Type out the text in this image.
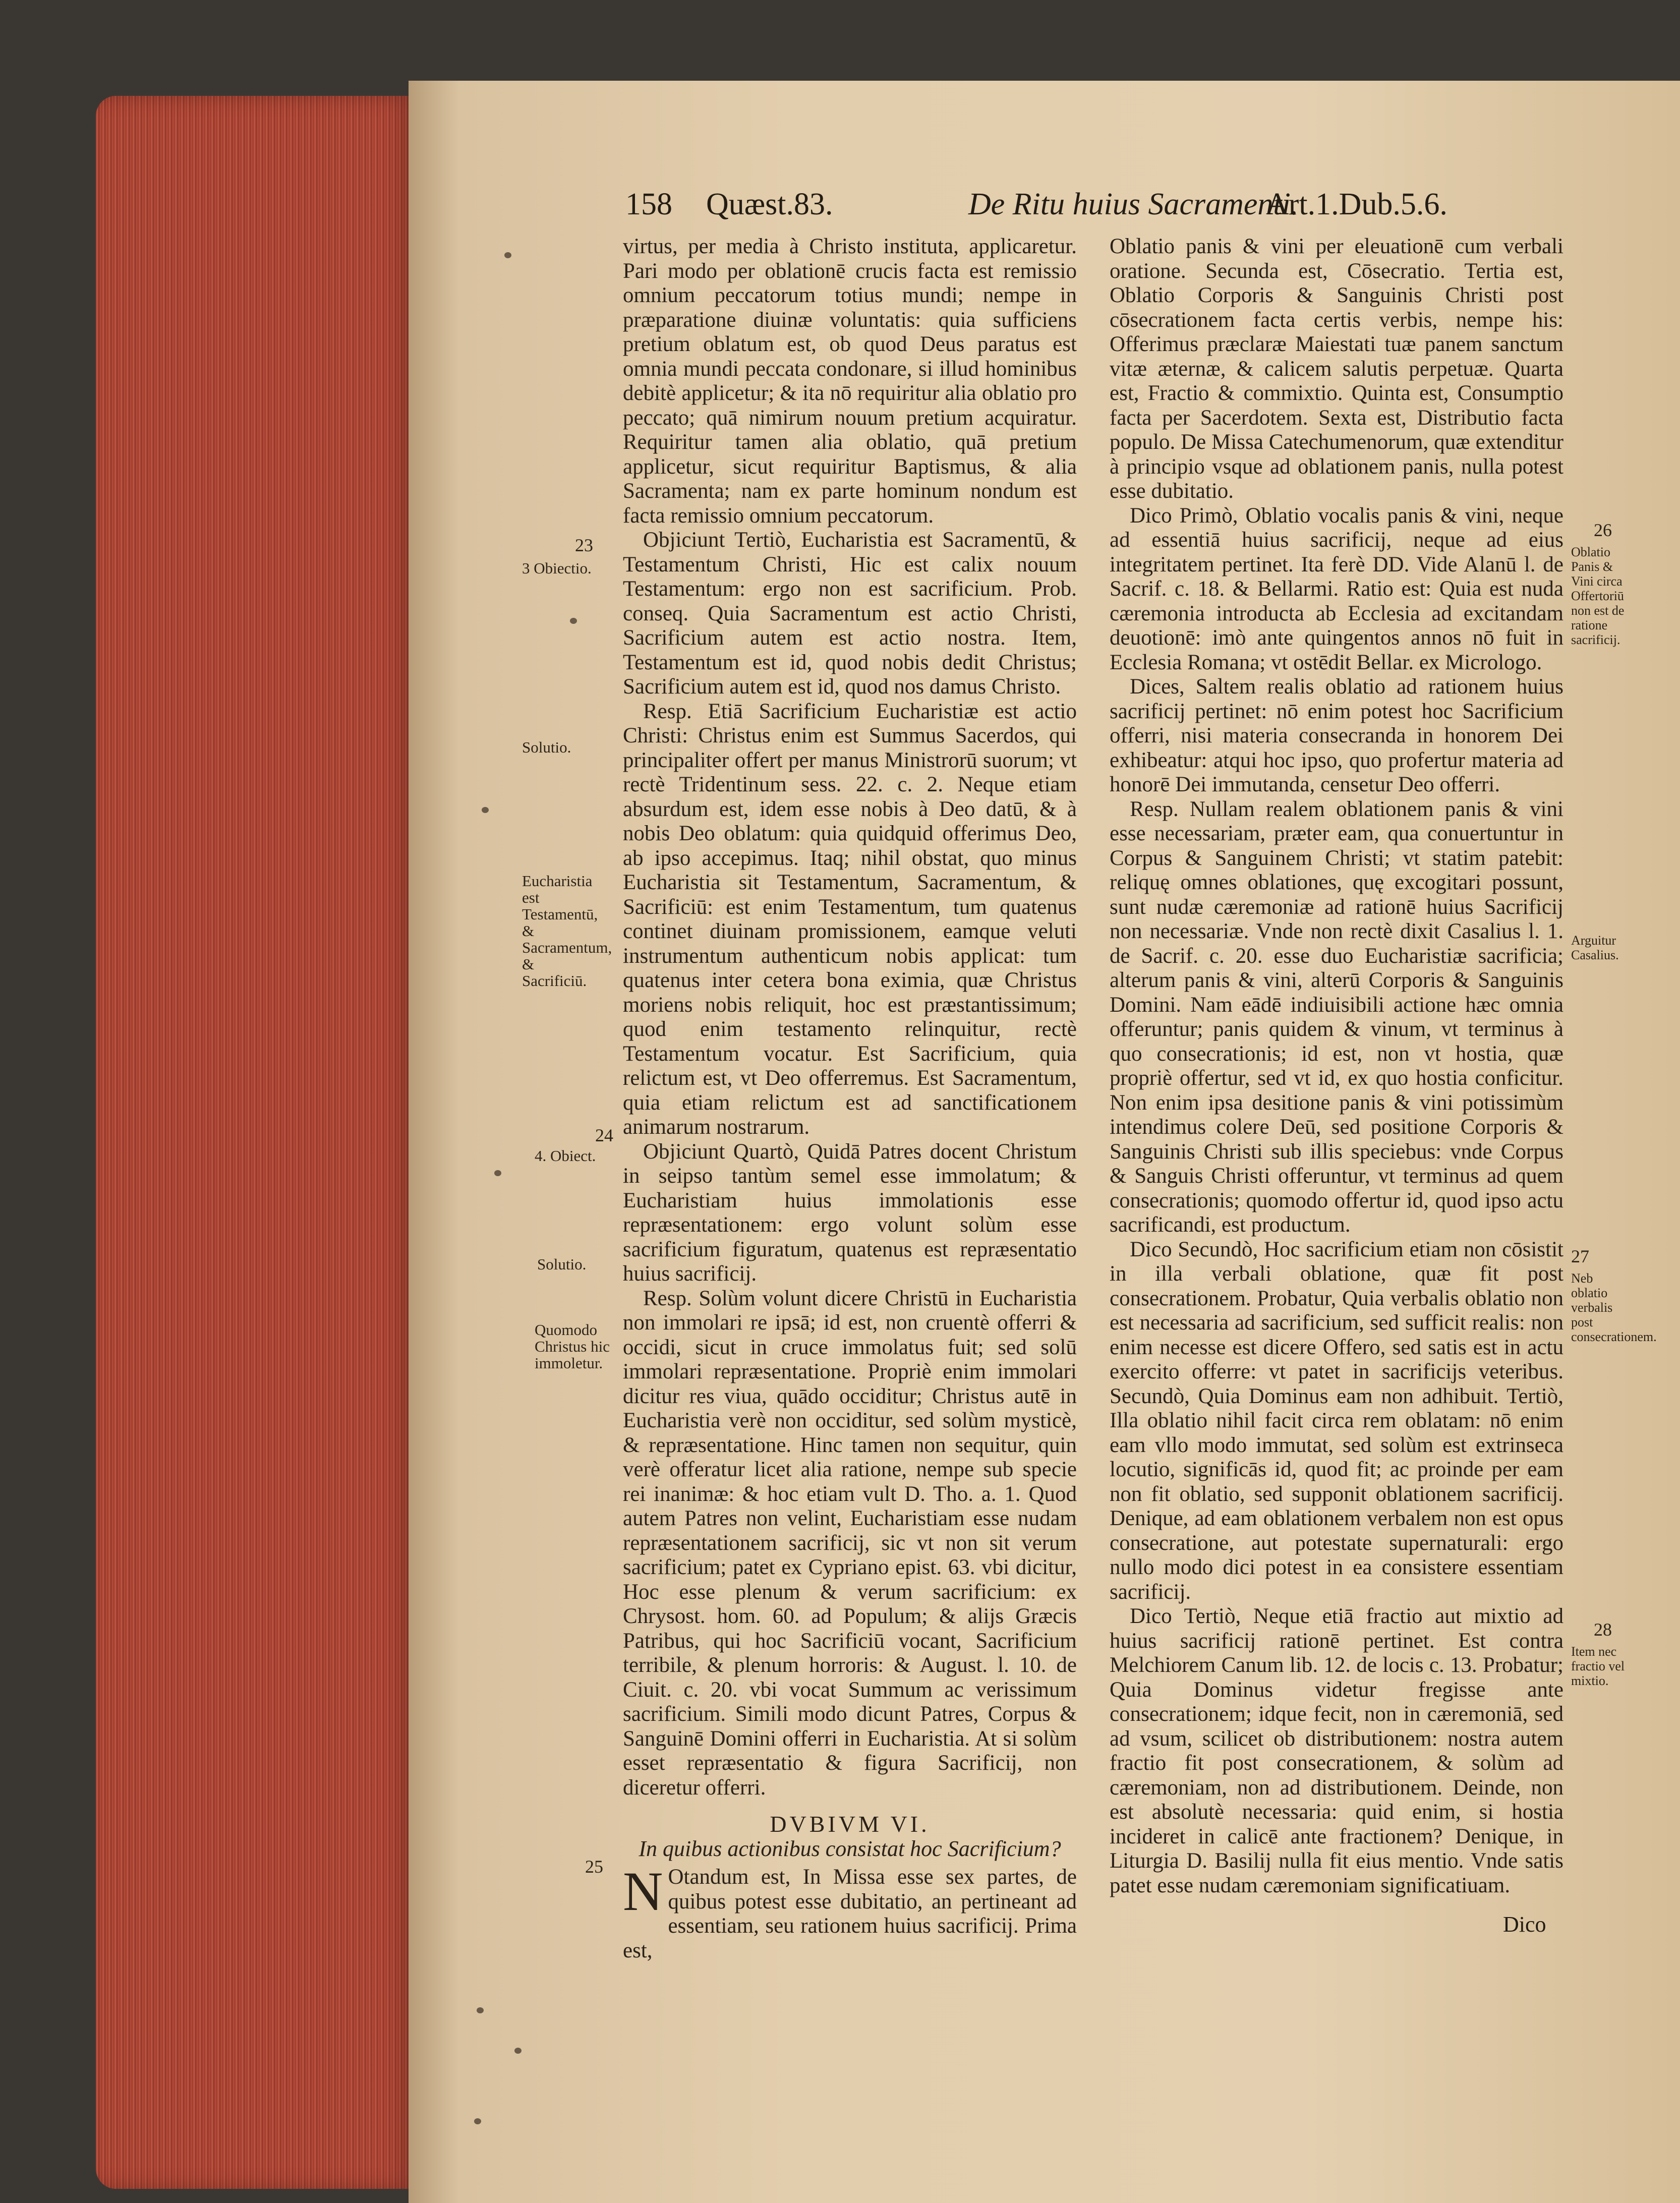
158 Quæst.83.	De Ritu huius Sacramenti.
Art.1.Dub.5.6.

virtus, per media à Christo instituta, applicaretur. Pari modo per oblationē crucis facta est remissio omnium peccatorum totius mundi; nempe in præparatione diuinæ voluntatis: quia sufficiens pretium oblatum est, ob quod Deus paratus est omnia mundi peccata condonare, si illud hominibus debitè applicetur; & ita nō requiritur alia oblatio pro peccato; quā nimirum nouum pretium acquiratur. Requiritur tamen alia oblatio, quā pretium applicetur, sicut requiritur Baptismus, & alia Sacramenta; nam ex parte hominum nondum est facta remissio omnium peccatorum.

Objiciunt Tertiò, Eucharistia est Sacramentū, & Testamentum Christi, Hic est calix nouum Testamentum: ergo non est sacrificium. Prob. conseq. Quia Sacramentum est actio Christi, Sacrificium autem est actio nostra. Item, Testamentum est id, quod nobis dedit Christus; Sacrificium autem est id, quod nos damus Christo.

Resp. Etiā Sacrificium Eucharistiæ est actio Christi: Christus enim est Summus Sacerdos, qui principaliter offert per manus Ministrorū suorum; vt rectè Tridentinum sess. 22. c. 2. Neque etiam absurdum est, idem esse nobis à Deo datū, & à nobis Deo oblatum: quia quidquid offerimus Deo, ab ipso accepimus. Itaq; nihil obstat, quo minus Eucharistia sit Testamentum, Sacramentum, & Sacrificiū: est enim Testamentum, tum quatenus continet diuinam promissionem, eamque veluti instrumentum authenticum nobis applicat: tum quatenus inter cetera bona eximia, quæ Christus moriens nobis reliquit, hoc est præstantissimum; quod enim testamento relinquitur, rectè Testamentum vocatur. Est Sacrificium, quia relictum est, vt Deo offerremus. Est Sacramentum, quia etiam relictum est ad sanctificationem animarum nostrarum.

Objiciunt Quartò, Quidā Patres docent Christum in seipso tantùm semel esse immolatum; & Eucharistiam huius immolationis esse repræsentationem: ergo volunt solùm esse sacrificium figuratum, quatenus est repræsentatio huius sacrificij.

Resp. Solùm volunt dicere Christū in Eucharistia non immolari re ipsā; id est, non cruentè offerri & occidi, sicut in cruce immolatus fuit; sed solū immolari repræsentatione. Propriè enim immolari dicitur res viua, quādo occiditur; Christus autē in Eucharistia verè non occiditur, sed solùm mysticè, & repræsentatione. Hinc tamen non sequitur, quin verè offeratur licet alia ratione, nempe sub specie rei inanimæ: & hoc etiam vult D. Tho. a. 1. Quod autem Patres non velint, Eucharistiam esse nudam repræsentationem sacrificij, sic vt non sit verum sacrificium; patet ex Cypriano epist. 63. vbi dicitur, Hoc esse plenum & verum sacrificium: ex Chrysost. hom. 60. ad Populum; & alijs Græcis Patribus, qui hoc Sacrificiū vocant, Sacrificium terribile, & plenum horroris: & August. l. 10. de Ciuit. c. 20. vbi vocat Summum ac verissimum sacrificium. Simili modo dicunt Patres, Corpus & Sanguinē Domini offerri in Eucharistia. At si solùm esset repræsentatio & figura Sacrificij, non diceretur offerri.

DVBIVM VI.
In quibus actionibus consistat hoc Sacrificium?

N Otandum est, In Missa esse sex partes, de quibus potest esse dubitatio, an pertineant ad essentiam, seu rationem huius sacrificij. Prima est,

Oblatio panis & vini per eleuationē cum verbali oratione. Secunda est, Cōsecratio. Tertia est, Oblatio Corporis & Sanguinis Christi post cōsecrationem facta certis verbis, nempe his: Offerimus præclaræ Maiestati tuæ panem sanctum vitæ æternæ, & calicem salutis perpetuæ. Quarta est, Fractio & commixtio. Quinta est, Consumptio facta per Sacerdotem. Sexta est, Distributio facta populo. De Missa Catechumenorum, quæ extenditur à principio vsque ad oblationem panis, nulla potest esse dubitatio.

Dico Primò, Oblatio vocalis panis & vini, neque ad essentiā huius sacrificij, neque ad eius integritatem pertinet. Ita ferè DD. Vide Alanū l. de Sacrif. c. 18. & Bellarmi. Ratio est: Quia est nuda cæremonia introducta ab Ecclesia ad excitandam deuotionē: imò ante quingentos annos nō fuit in Ecclesia Romana; vt ostēdit Bellar. ex Micrologo.

Dices, Saltem realis oblatio ad rationem huius sacrificij pertinet: nō enim potest hoc Sacrificium offerri, nisi materia consecranda in honorem Dei exhibeatur: atqui hoc ipso, quo profertur materia ad honorē Dei immutanda, censetur Deo offerri.

Resp. Nullam realem oblationem panis & vini esse necessariam, præter eam, qua conuertuntur in Corpus & Sanguinem Christi; vt statim patebit: reliquę omnes oblationes, quę excogitari possunt, sunt nudæ cæremoniæ ad rationē huius Sacrificij non necessariæ. Vnde non rectè dixit Casalius l. 1. de Sacrif. c. 20. esse duo Eucharistiæ sacrificia; alterum panis & vini, alterū Corporis & Sanguinis Domini. Nam eādē indiuisibili actione hæc omnia offeruntur; panis quidem & vinum, vt terminus à quo consecrationis; id est, non vt hostia, quæ propriè offertur, sed vt id, ex quo hostia conficitur. Non enim ipsa desitione panis & vini potissimùm intendimus colere Deū, sed positione Corporis & Sanguinis Christi sub illis speciebus: vnde Corpus & Sanguis Christi offeruntur, vt terminus ad quem consecrationis; quomodo offertur id, quod ipso actu sacrificandi, est productum.

Dico Secundò, Hoc sacrificium etiam non cōsistit in illa verbali oblatione, quæ fit post consecrationem. Probatur, Quia verbalis oblatio non est necessaria ad sacrificium, sed sufficit realis: non enim necesse est dicere Offero, sed satis est in actu exercito offerre: vt patet in sacrificijs veteribus. Secundò, Quia Dominus eam non adhibuit. Tertiò, Illa oblatio nihil facit circa rem oblatam: nō enim eam vllo modo immutat, sed solùm est extrinseca locutio, significās id, quod fit; ac proinde per eam non fit oblatio, sed supponit oblationem sacrificij. Denique, ad eam oblationem verbalem non est opus consecratione, aut potestate supernaturali: ergo nullo modo dici potest in ea consistere essentiam sacrificij.

Dico Tertiò, Neque etiā fractio aut mixtio ad huius sacrificij rationē pertinet. Est contra Melchiorem Canum lib. 12. de locis c. 13. Probatur; Quia Dominus videtur fregisse ante consecrationem; idque fecit, non in cæremoniā, sed ad vsum, scilicet ob distributionem: nostra autem fractio fit post consecrationem, & solùm ad cæremoniam, non ad distributionem. Deinde, non est absolutè necessaria: quid enim, si hostia incideret in calicē ante fractionem? Denique, in Liturgia D. Basilij nulla fit eius mentio. Vnde satis patet esse nudam cæremoniam significatiuam.

23
3 Obiectio.
Solutio.
Eucharistia est Testamentū, & Sacramentum, & Sacrificiū.
24
4. Obiect.
Solutio.
Quomodo Christus hic immoletur.
25
26
Oblatio Panis & Vini circa Offertoriū non est de ratione sacrificij.
Arguitur Casalius.
27
Neb oblatio verbalis post consecrationem.
28
Item nec fractio vel mixtio.
Dico
